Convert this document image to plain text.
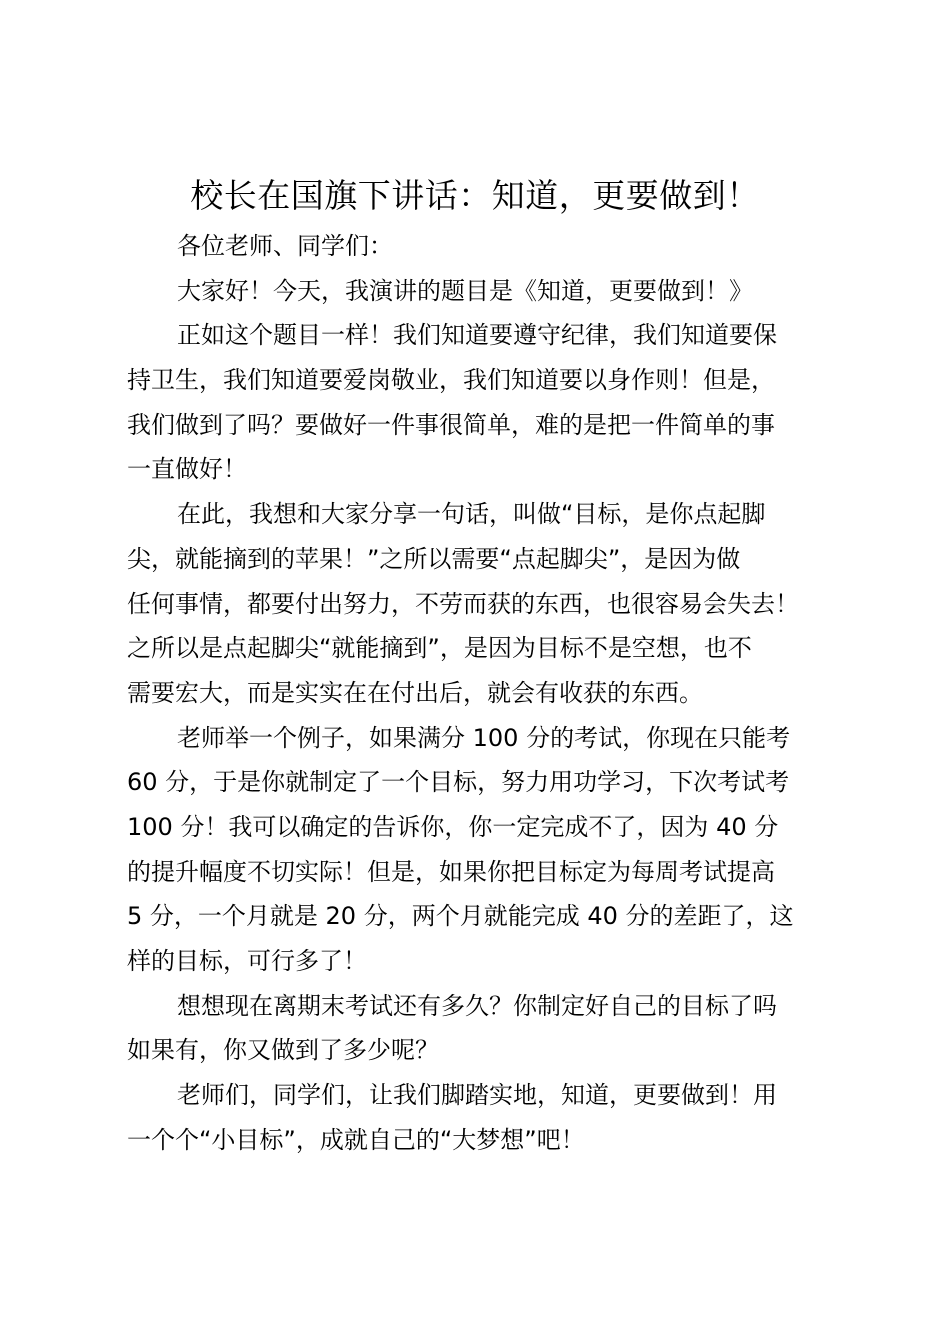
校长在国旗下讲话：知道，更要做到！
各位老师、同学们：
大家好！今天，我演讲的题目是《知道，更要做到！》
正如这个题目一样！我们知道要遵守纪律，我们知道要保
持卫生，我们知道要爱岗敬业，我们知道要以身作则！但是，
我们做到了吗？要做好一件事很简单，难的是把一件简单的事
一直做好！
在此，我想和大家分享一句话，叫做“目标，是你点起脚
尖，就能摘到的苹果！”之所以需要“点起脚尖”，是因为做
任何事情，都要付出努力，不劳而获的东西，也很容易会失去！
之所以是点起脚尖“就能摘到”，是因为目标不是空想，也不
需要宏大，而是实实在在付出后，就会有收获的东西。
老师举一个例子，如果满分 100 分的考试，你现在只能考
60 分，于是你就制定了一个目标，努力用功学习，下次考试考
100 分！我可以确定的告诉你，你一定完成不了，因为 40 分
的提升幅度不切实际！但是，如果你把目标定为每周考试提高
5 分，一个月就是 20 分，两个月就能完成 40 分的差距了，这
样的目标，可行多了！
想想现在离期末考试还有多久？你制定好自己的目标了吗
如果有，你又做到了多少呢？
老师们，同学们，让我们脚踏实地，知道，更要做到！用
一个个“小目标”，成就自己的“大梦想”吧！
